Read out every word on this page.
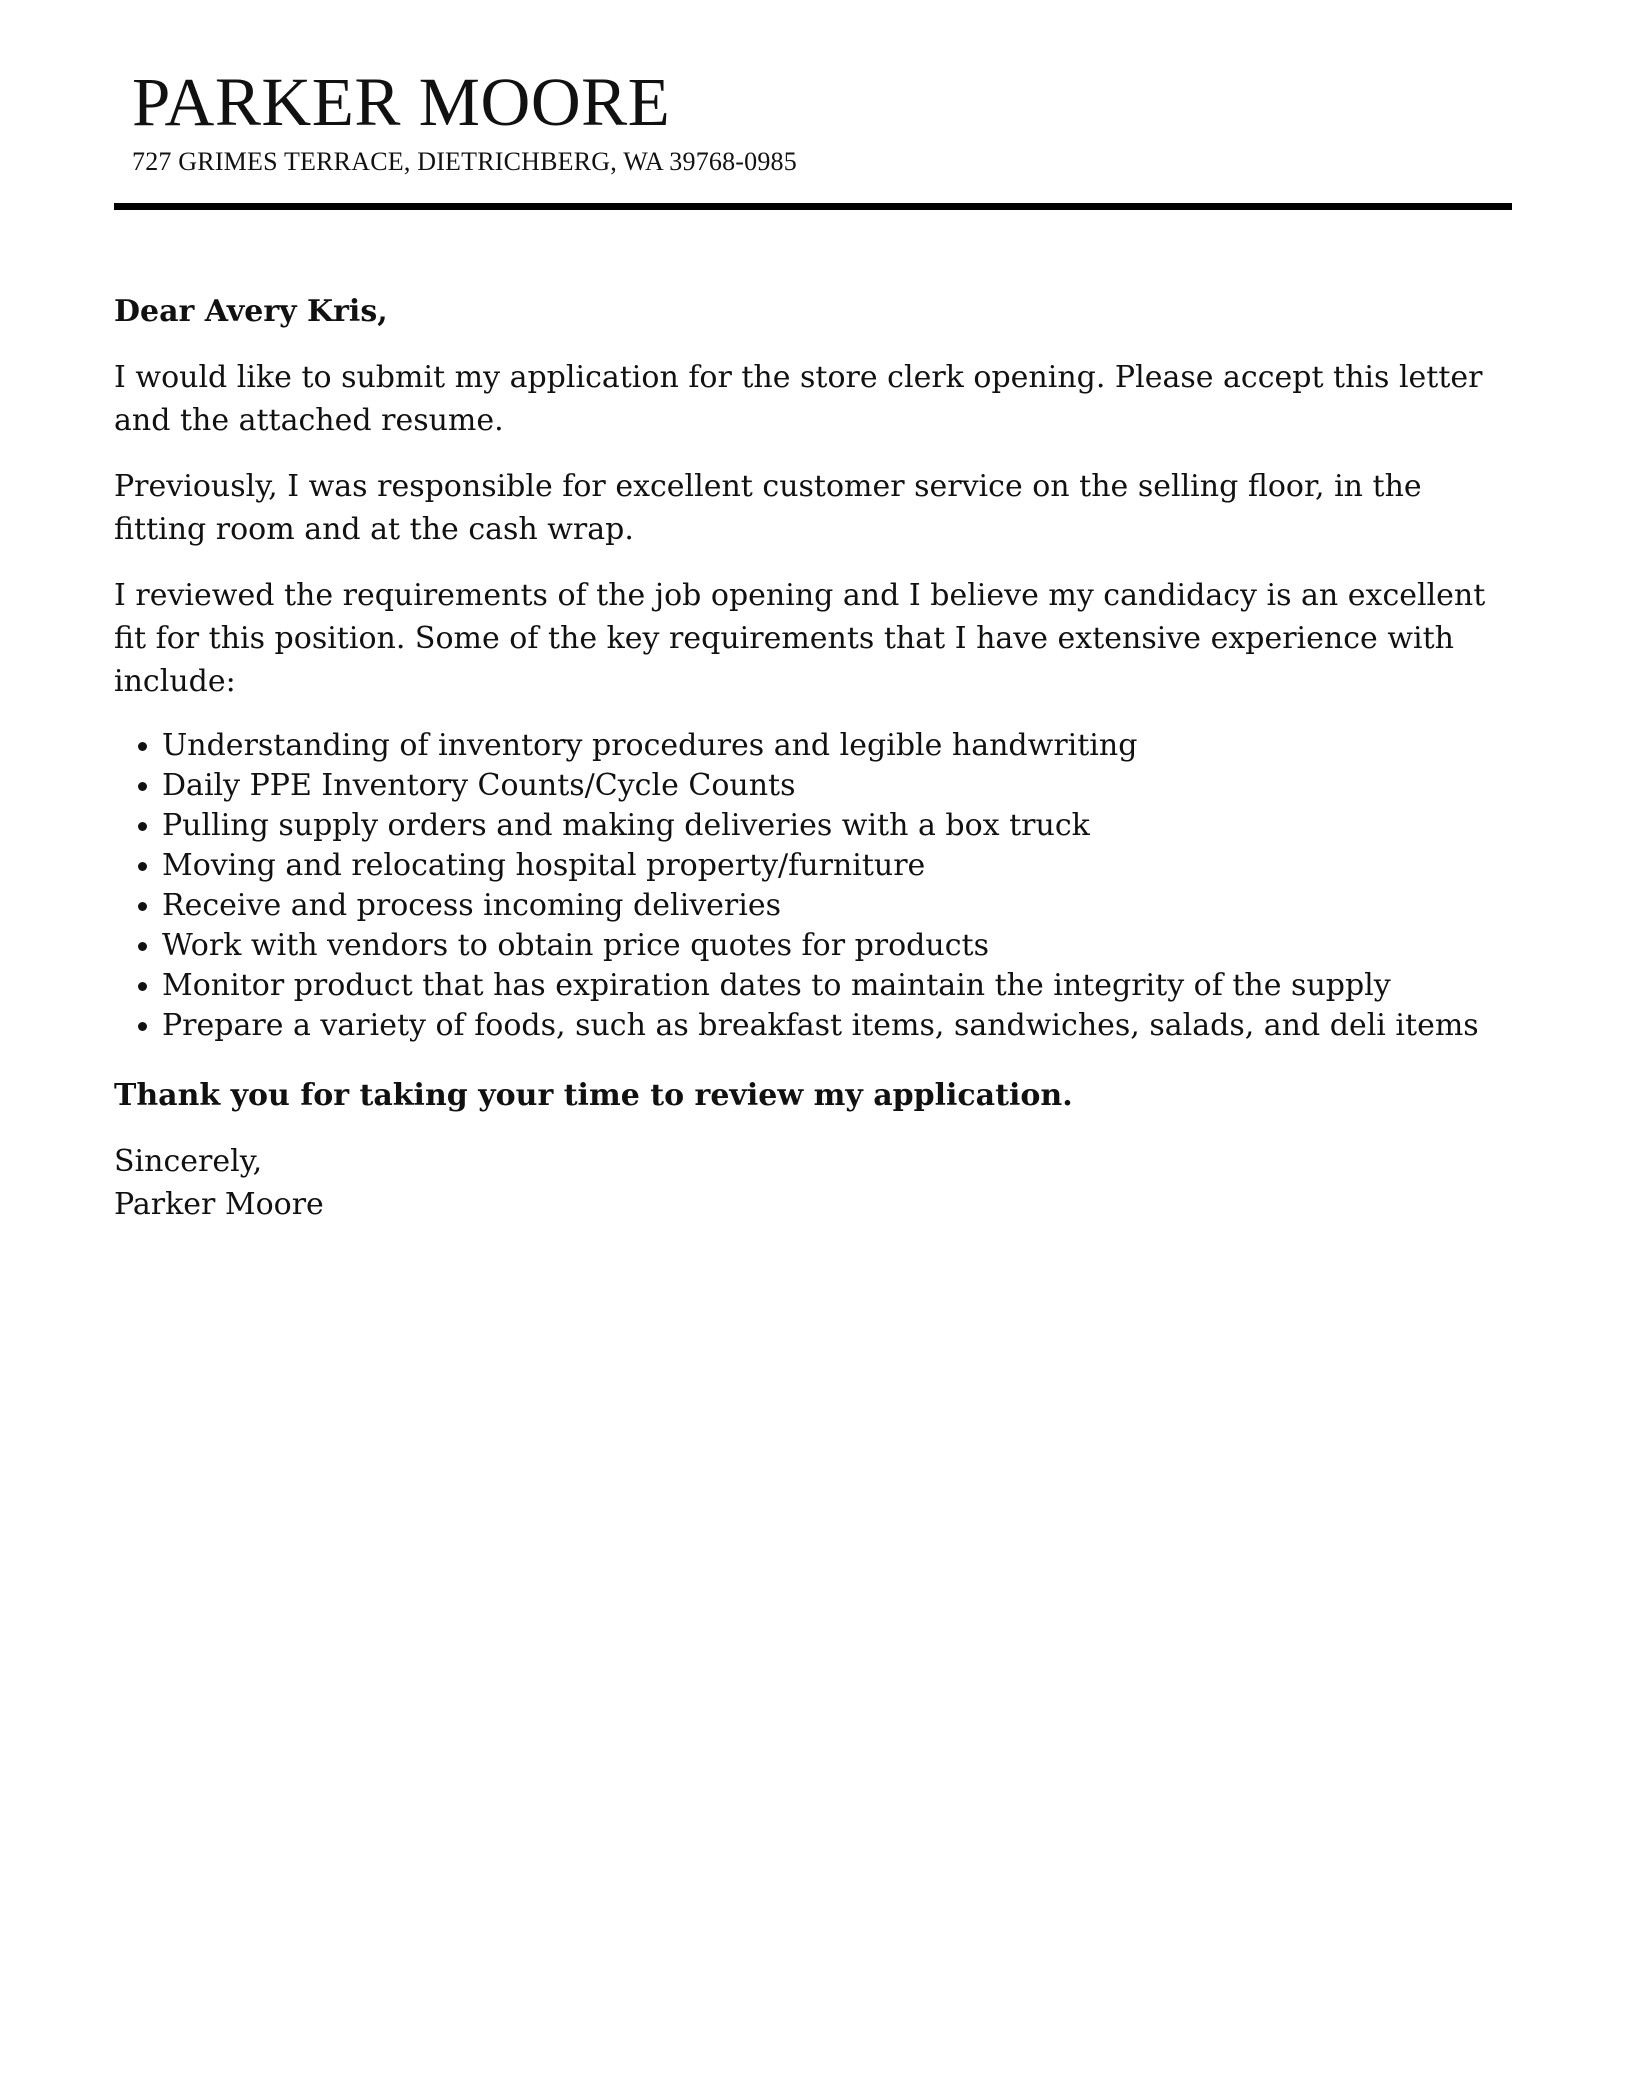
PARKER MOORE
727 GRIMES TERRACE, DIETRICHBERG, WA 39768-0985

Dear Avery Kris,

I would like to submit my application for the store clerk opening. Please accept this letter and the attached resume.

Previously, I was responsible for excellent customer service on the selling floor, in the fitting room and at the cash wrap.

I reviewed the requirements of the job opening and I believe my candidacy is an excellent fit for this position. Some of the key requirements that I have extensive experience with include:

Understanding of inventory procedures and legible handwriting
Daily PPE Inventory Counts/Cycle Counts
Pulling supply orders and making deliveries with a box truck
Moving and relocating hospital property/furniture
Receive and process incoming deliveries
Work with vendors to obtain price quotes for products
Monitor product that has expiration dates to maintain the integrity of the supply
Prepare a variety of foods, such as breakfast items, sandwiches, salads, and deli items

Thank you for taking your time to review my application.

Sincerely,

Parker Moore
